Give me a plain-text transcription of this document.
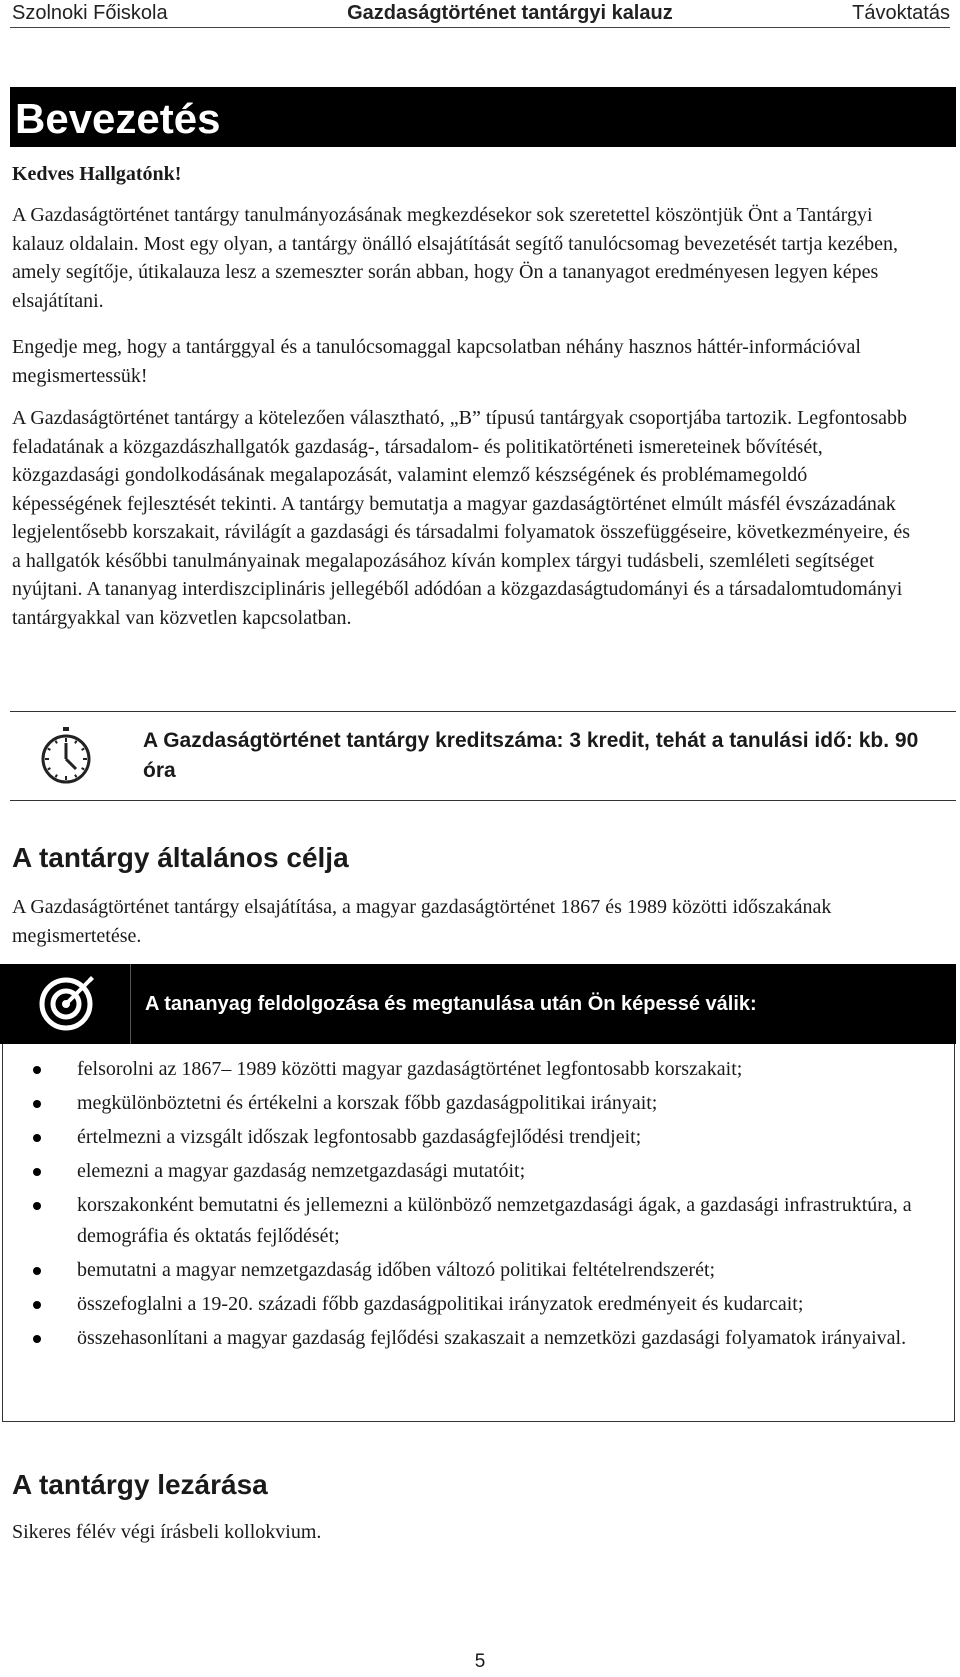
Szolnoki Főiskola	Gazdaságtörténet tantárgyi kalauz	Távoktatás
Bevezetés
Kedves Hallgatónk!

A Gazdaságtörténet tantárgy tanulmányozásának megkezdésekor sok szeretettel köszöntjük Önt a Tantárgyi kalauz oldalain. Most egy olyan, a tantárgy önálló elsajátítását segítő tanulócsomag bevezetését tartja kezében, amely segítője, útikalauza lesz a szemeszter során abban, hogy Ön a tananyagot eredményesen legyen képes elsajátítani.

Engedje meg, hogy a tantárggyal és a tanulócsomaggal kapcsolatban néhány hasznos háttér-információval megismertessük!

A Gazdaságtörténet tantárgy a kötelezően választható, „B” típusú tantárgyak csoportjába tartozik. Legfontosabb feladatának a közgazdászhallgatók gazdaság-, társadalom- és politikatörténeti ismereteinek bővítését, közgazdasági gondolkodásának megalapozását, valamint elemző készségének és problémamegoldó képességének fejlesztését tekinti. A tantárgy bemutatja a magyar gazdaságtörténet elmúlt másfél évszázadának legjelentősebb korszakait, rávilágít a gazdasági és társadalmi folyamatok összefüggéseire, következményeire, és a hallgatók későbbi tanulmányainak megalapozásához kíván komplex tárgyi tudásbeli, szemléleti segítséget nyújtani. A tananyag interdiszciplináris jellegéből adódóan a közgazdaságtudományi és a társadalomtudományi tantárgyakkal van közvetlen kapcsolatban.

A Gazdaságtörténet tantárgy kreditszáma: 3 kredit, tehát a tanulási idő: kb. 90 óra
A tantárgy általános célja
A Gazdaságtörténet tantárgy elsajátítása, a magyar gazdaságtörténet 1867 és 1989 közötti időszakának megismertetése.
A tananyag feldolgozása és megtanulása után Ön képessé válik:
felsorolni az 1867– 1989 közötti magyar gazdaságtörténet legfontosabb korszakait;
megkülönböztetni és értékelni a korszak főbb gazdaságpolitikai irányait;
értelmezni a vizsgált időszak legfontosabb gazdaságfejlődési trendjeit;
elemezni a magyar gazdaság nemzetgazdasági mutatóit;
korszakonként bemutatni és jellemezni a különböző nemzetgazdasági ágak, a gazdasági infrastruktúra, a demográfia és oktatás fejlődését;
bemutatni a magyar nemzetgazdaság időben változó politikai feltételrendszerét;
összefoglalni a 19-20. századi főbb gazdaságpolitikai irányzatok eredményeit és kudarcait;
összehasonlítani a magyar gazdaság fejlődési szakaszait a nemzetközi gazdasági folyamatok irányaival.
A tantárgy lezárása
Sikeres félév végi írásbeli kollokvium.
5
